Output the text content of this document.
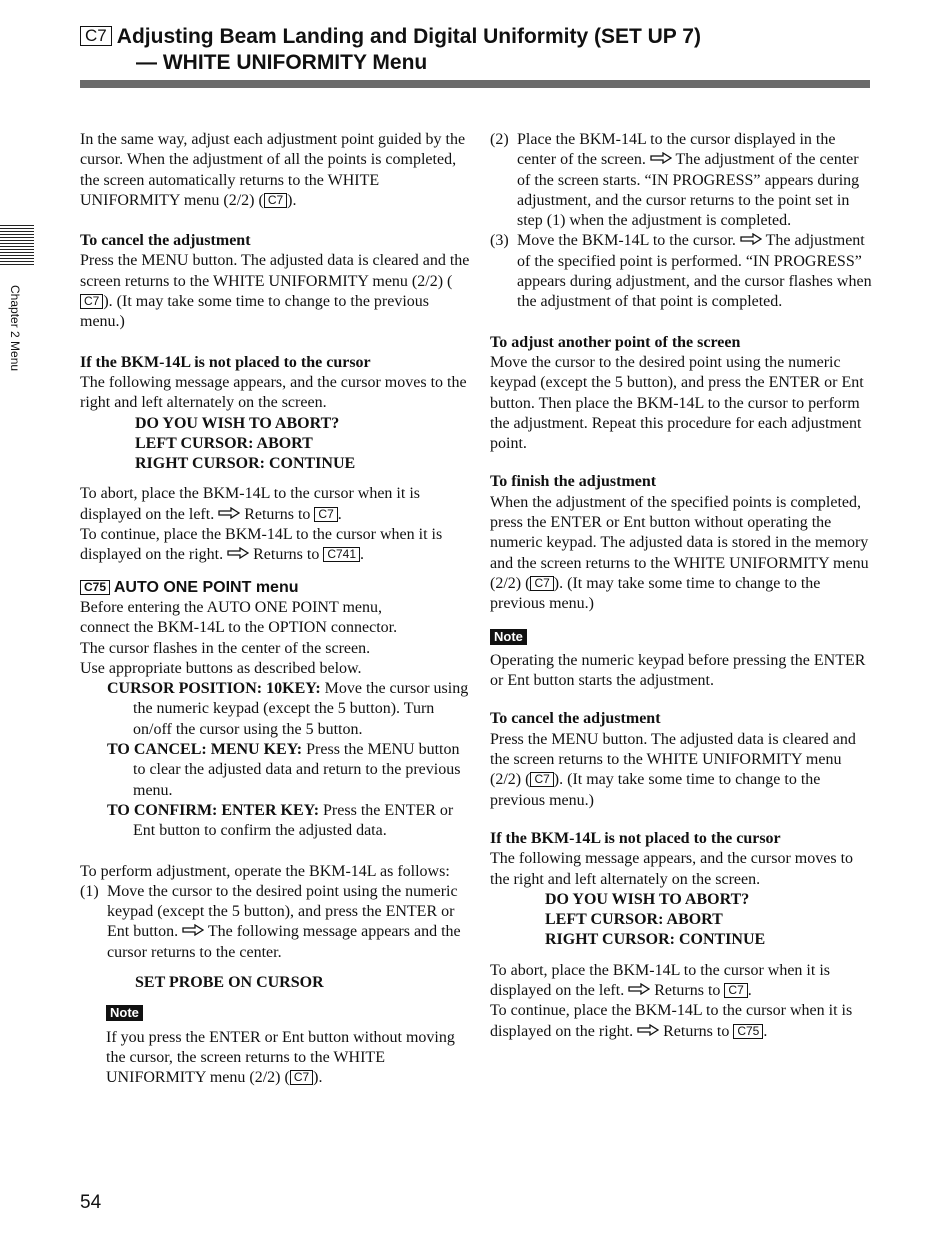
C7 Adjusting Beam Landing and Digital Uniformity (SET UP 7)
— WHITE UNIFORMITY Menu
Chapter 2 Menu

In the same way, adjust each adjustment point guided by the cursor. When the adjustment of all the points is completed, the screen automatically returns to the WHITE UNIFORMITY menu (2/2) ( C7 ).

To cancel the adjustment

Press the MENU button. The adjusted data is cleared and the screen returns to the WHITE UNIFORMITY menu (2/2) (C7 ). (It may take some time to change to the previous menu.)

If the BKM-14L is not placed to the cursor

The following message appears, and the cursor moves to the right and left alternately on the screen.

DO YOU WISH TO ABORT?
LEFT CURSOR: ABORT
RIGHT CURSOR: CONTINUE

To abort, place the BKM-14L to the cursor when it is displayed on the left. Returns to C7 .

To continue, place the BKM-14L to the cursor when it is displayed on the right. Returns to C741 .

C75 AUTO ONE POINT menu

Before entering the AUTO ONE POINT menu,

connect the BKM-14L to the OPTION connector.

The cursor flashes in the center of the screen.

Use appropriate buttons as described below.

CURSOR POSITION: 10KEY: Move the cursor using the numeric keypad (except the 5 button). Turn on/off the cursor using the 5 button.

TO CANCEL: MENU KEY: Press the MENU button to clear the adjusted data and return to the previous menu.

TO CONFIRM: ENTER KEY: Press the ENTER or Ent button to confirm the adjusted data.

To perform adjustment, operate the BKM-14L as follows:

(1) Move the cursor to the desired point using the numeric keypad (except the 5 button), and press the ENTER or Ent button. The following message appears and the cursor returns to the center.

SET PROBE ON CURSOR

Note

If you press the ENTER or Ent button without moving the cursor, the screen returns to the WHITE UNIFORMITY menu (2/2) ( C7 ).

(2) Place the BKM-14L to the cursor displayed in the center of the screen. The adjustment of the center of the screen starts. “IN PROGRESS” appears during adjustment, and the cursor returns to the point set in step (1) when the adjustment is completed.
(3) Move the BKM-14L to the cursor. The adjustment of the specified point is performed. “IN PROGRESS” appears during adjustment, and the cursor flashes when the adjustment of that point is completed.

To adjust another point of the screen

Move the cursor to the desired point using the numeric keypad (except the 5 button), and press the ENTER or Ent button. Then place the BKM-14L to the cursor to perform the adjustment. Repeat this procedure for each adjustment point.

To finish the adjustment

When the adjustment of the specified points is completed, press the ENTER or Ent button without operating the numeric keypad. The adjusted data is stored in the memory and the screen returns to the WHITE UNIFORMITY menu (2/2) ( C7 ). (It may take some time to change to the previous menu.)

Note

Operating the numeric keypad before pressing the ENTER or Ent button starts the adjustment.

To cancel the adjustment

Press the MENU button. The adjusted data is cleared and the screen returns to the WHITE UNIFORMITY menu (2/2) ( C7 ). (It may take some time to change to the previous menu.)

If the BKM-14L is not placed to the cursor

The following message appears, and the cursor moves to the right and left alternately on the screen.

DO YOU WISH TO ABORT?
LEFT CURSOR: ABORT
RIGHT CURSOR: CONTINUE

To abort, place the BKM-14L to the cursor when it is displayed on the left. Returns to C7 .

To continue, place the BKM-14L to the cursor when it is displayed on the right. Returns to C75 .

54
